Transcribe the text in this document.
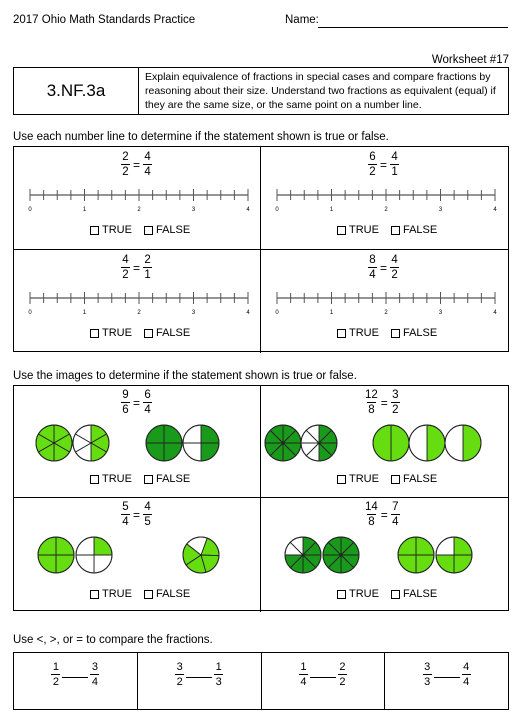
2017 Ohio Math Standards Practice	Name:
Worksheet #17
3.NF.3a
Explain equivalence of fractions in special cases and compare fractions by reasoning about their size. Understand two fractions as equivalent (equal) if they are the same size, or the same point on a number line.
Use each number line to determine if the statement shown is true or false.
2
2
=
4
4
0	1	2	3	4
TRUE FALSE
6
2
=
4
1
0	1	2	3	4
TRUE FALSE
4
2
=
2
1
0	1	2	3	4
TRUE FALSE
8
4
=
4
2
0	1	2	3	4
TRUE FALSE
Use the images to determine if the statement shown is true or false.
9
6
=
6
4
TRUE FALSE
12
8
=
3
2
TRUE FALSE
5
4
=
4
5
TRUE FALSE
14
8
=
7
4
TRUE FALSE
Use <, >, or = to compare the fractions.
1
2
3
4
3
2
1
3
1
4
2
2
3
3
4
4
